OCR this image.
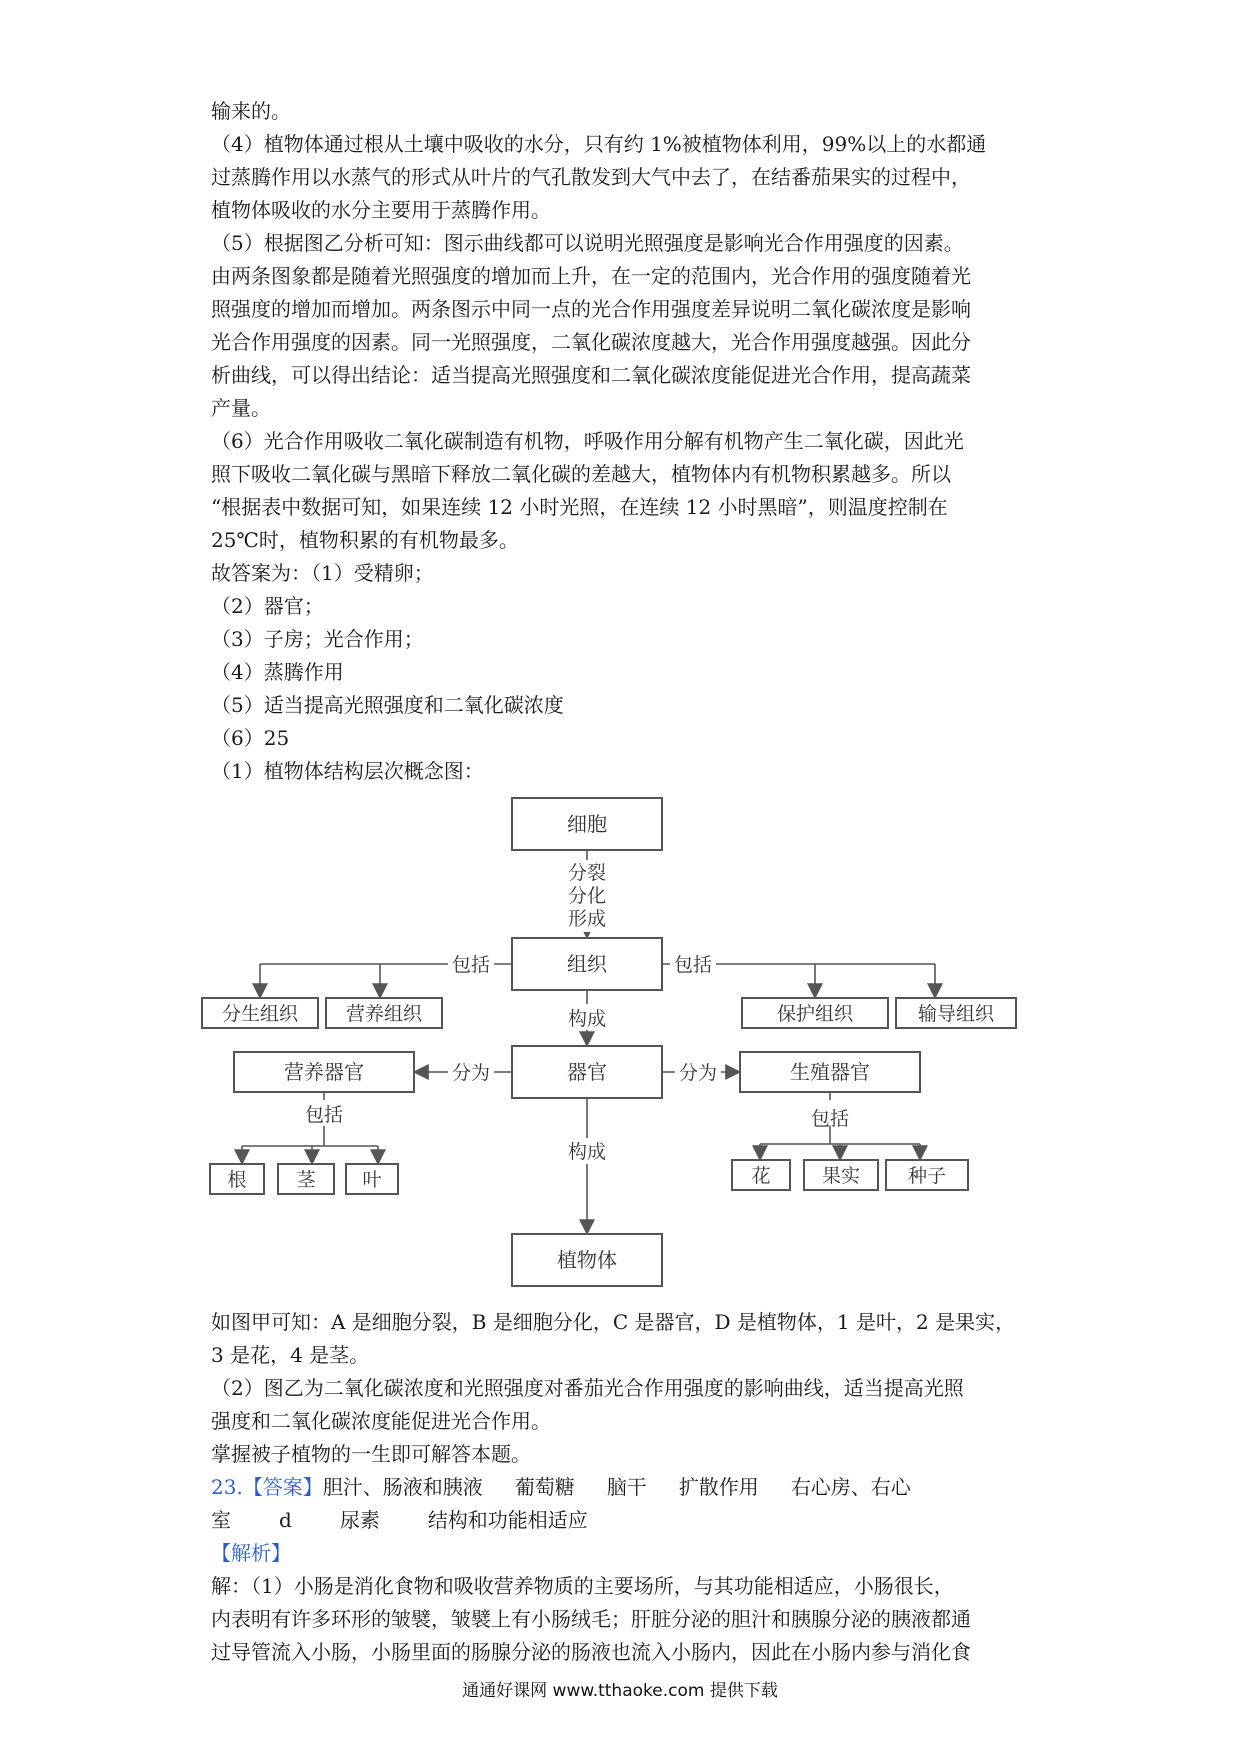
输来的。
（4）植物体通过根从土壤中吸收的水分，只有约 1%被植物体利用，99%以上的水都通
过蒸腾作用以水蒸气的形式从叶片的气孔散发到大气中去了，在结番茄果实的过程中，
植物体吸收的水分主要用于蒸腾作用。
（5）根据图乙分析可知：图示曲线都可以说明光照强度是影响光合作用强度的因素。
由两条图象都是随着光照强度的增加而上升，在一定的范围内，光合作用的强度随着光
照强度的增加而增加。两条图示中同一点的光合作用强度差异说明二氧化碳浓度是影响
光合作用强度的因素。同一光照强度，二氧化碳浓度越大，光合作用强度越强。因此分
析曲线，可以得出结论：适当提高光照强度和二氧化碳浓度能促进光合作用，提高蔬菜
产量。
（6）光合作用吸收二氧化碳制造有机物，呼吸作用分解有机物产生二氧化碳，因此光
照下吸收二氧化碳与黑暗下释放二氧化碳的差越大，植物体内有机物积累越多。所以
“根据表中数据可知，如果连续 12 小时光照，在连续 12 小时黑暗”，则温度控制在
25℃时，植物积累的有机物最多。
故答案为：（1）受精卵；
（2）器官；
（3）子房；光合作用；
（4）蒸腾作用
（5）适当提高光照强度和二氧化碳浓度
（6）25
（1）植物体结构层次概念图：
细胞
分裂
分化
形成
组织
包括
分生组织	营养组织
包括
保护组织	输导组织
构成
器官
营养器官	分为	生殖器官
分为
包括
根	茎 叶
包括
花	果实	种子
构成
植物体
如图甲可知：A 是细胞分裂，B 是细胞分化，C 是器官，D 是植物体，1 是叶，2 是果实，
3 是花，4 是茎。
（2）图乙为二氧化碳浓度和光照强度对番茄光合作用强度的影响曲线，适当提高光照
强度和二氧化碳浓度能促进光合作用。
掌握被子植物的一生即可解答本题。
23.【答案】胆汁、肠液和胰液 葡萄糖 脑干 扩散作用 右心房、右心
室 d 尿素 结构和功能相适应
【解析】
解：（1）小肠是消化食物和吸收营养物质的主要场所，与其功能相适应，小肠很长，
内表明有许多环形的皱襞，皱襞上有小肠绒毛；肝脏分泌的胆汁和胰腺分泌的胰液都通
过导管流入小肠，小肠里面的肠腺分泌的肠液也流入小肠内，因此在小肠内参与消化食
通通好课网 www.tthaoke.com 提供下载
